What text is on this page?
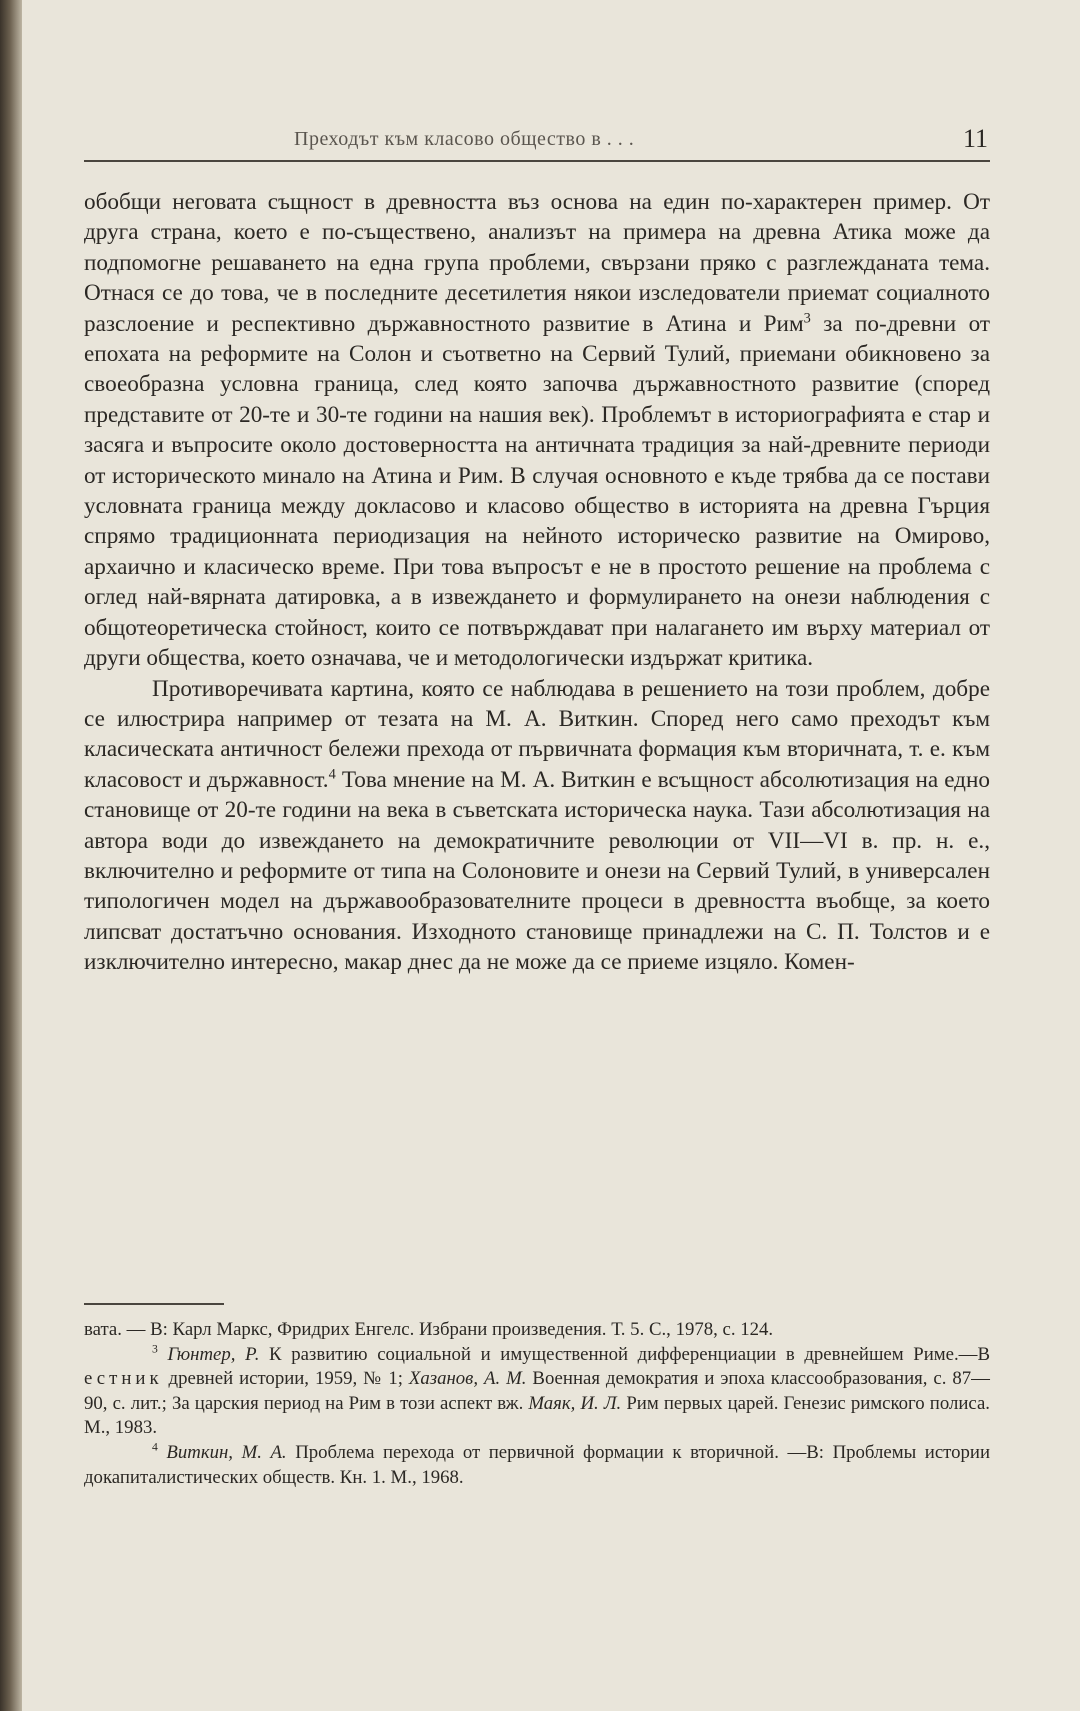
Преходът към класово общество в . . .	11

обобщи неговата същност в древността въз основа на един по-характерен пример. От друга страна, което е по-съществено, анализът на примера на древна Атика може да подпомогне решаването на една група проблеми, свързани пряко с разглежданата тема. Отнася се до това, че в последните десетилетия някои изследователи приемат социалното разслоение и респективно държавностното развитие в Атина и Рим$^3$ за по-древни от епохата на реформите на Солон и съответно на Сервий Тулий, приемани обикновено за своеобразна условна граница, след която започва държавностното развитие (според представите от 20-те и 30-те години на нашия век). Проблемът в историографията е стар и засяга и въпросите около достоверността на античната традиция за най-древните периоди от историческото минало на Атина и Рим. В случая основното е къде трябва да се постави условната граница между докласово и класово общество в историята на древна Гърция спрямо традиционната периодизация на нейното историческо развитие на Омирово, архаично и класическо време. При това въпросът е не в простото решение на проблема с оглед най-вярната датировка, а в извеждането и формулирането на онези наблюдения с общотеоретическа стойност, които се потвърждават при налагането им върху материал от други общества, което означава, че и методологически издържат критика.

Противоречивата картина, която се наблюдава в решението на този проблем, добре се илюстрира например от тезата на М. А. Виткин. Според него само преходът към класическата античност бележи прехода от първичната формация към вторичната, т. е. към класовост и държавност.$^4$ Това мнение на М. А. Виткин е всъщност абсолютизация на едно становище от 20-те години на века в съветската историческа наука. Тази абсолютизация на автора води до извеждането на демократичните революции от VII—VI в. пр. н. е., включително и реформите от типа на Солоновите и онези на Сервий Тулий, в универсален типологичен модел на държавообразователните процеси в древността въобще, за което липсват достатъчно основания. Изходното становище принадлежи на С. П. Толстов и е изключително интересно, макар днес да не може да се приеме изцяло. Комен-

вата. — В: Карл Маркс, Фридрих Енгелс. Избрани произведения. Т. 5. С., 1978, с. 124.

$^3$ Гюнтер, Р. К развитию социальной и имущественной дифференциации в древнейшем Риме.—В естник древней истории, 1959, № 1; Хазанов, А. М. Военная демократия и эпоха классообразования, с. 87—90, с. лит.; За царския период на Рим в този аспект вж. Маяк, И. Л. Рим первых царей. Генезис римского полиса. М., 1983.

$^4$ Виткин, М. А. Проблема перехода от первичной формации к вторичной. —В: Проблемы истории докапиталистических обществ. Кн. 1. М., 1968.
